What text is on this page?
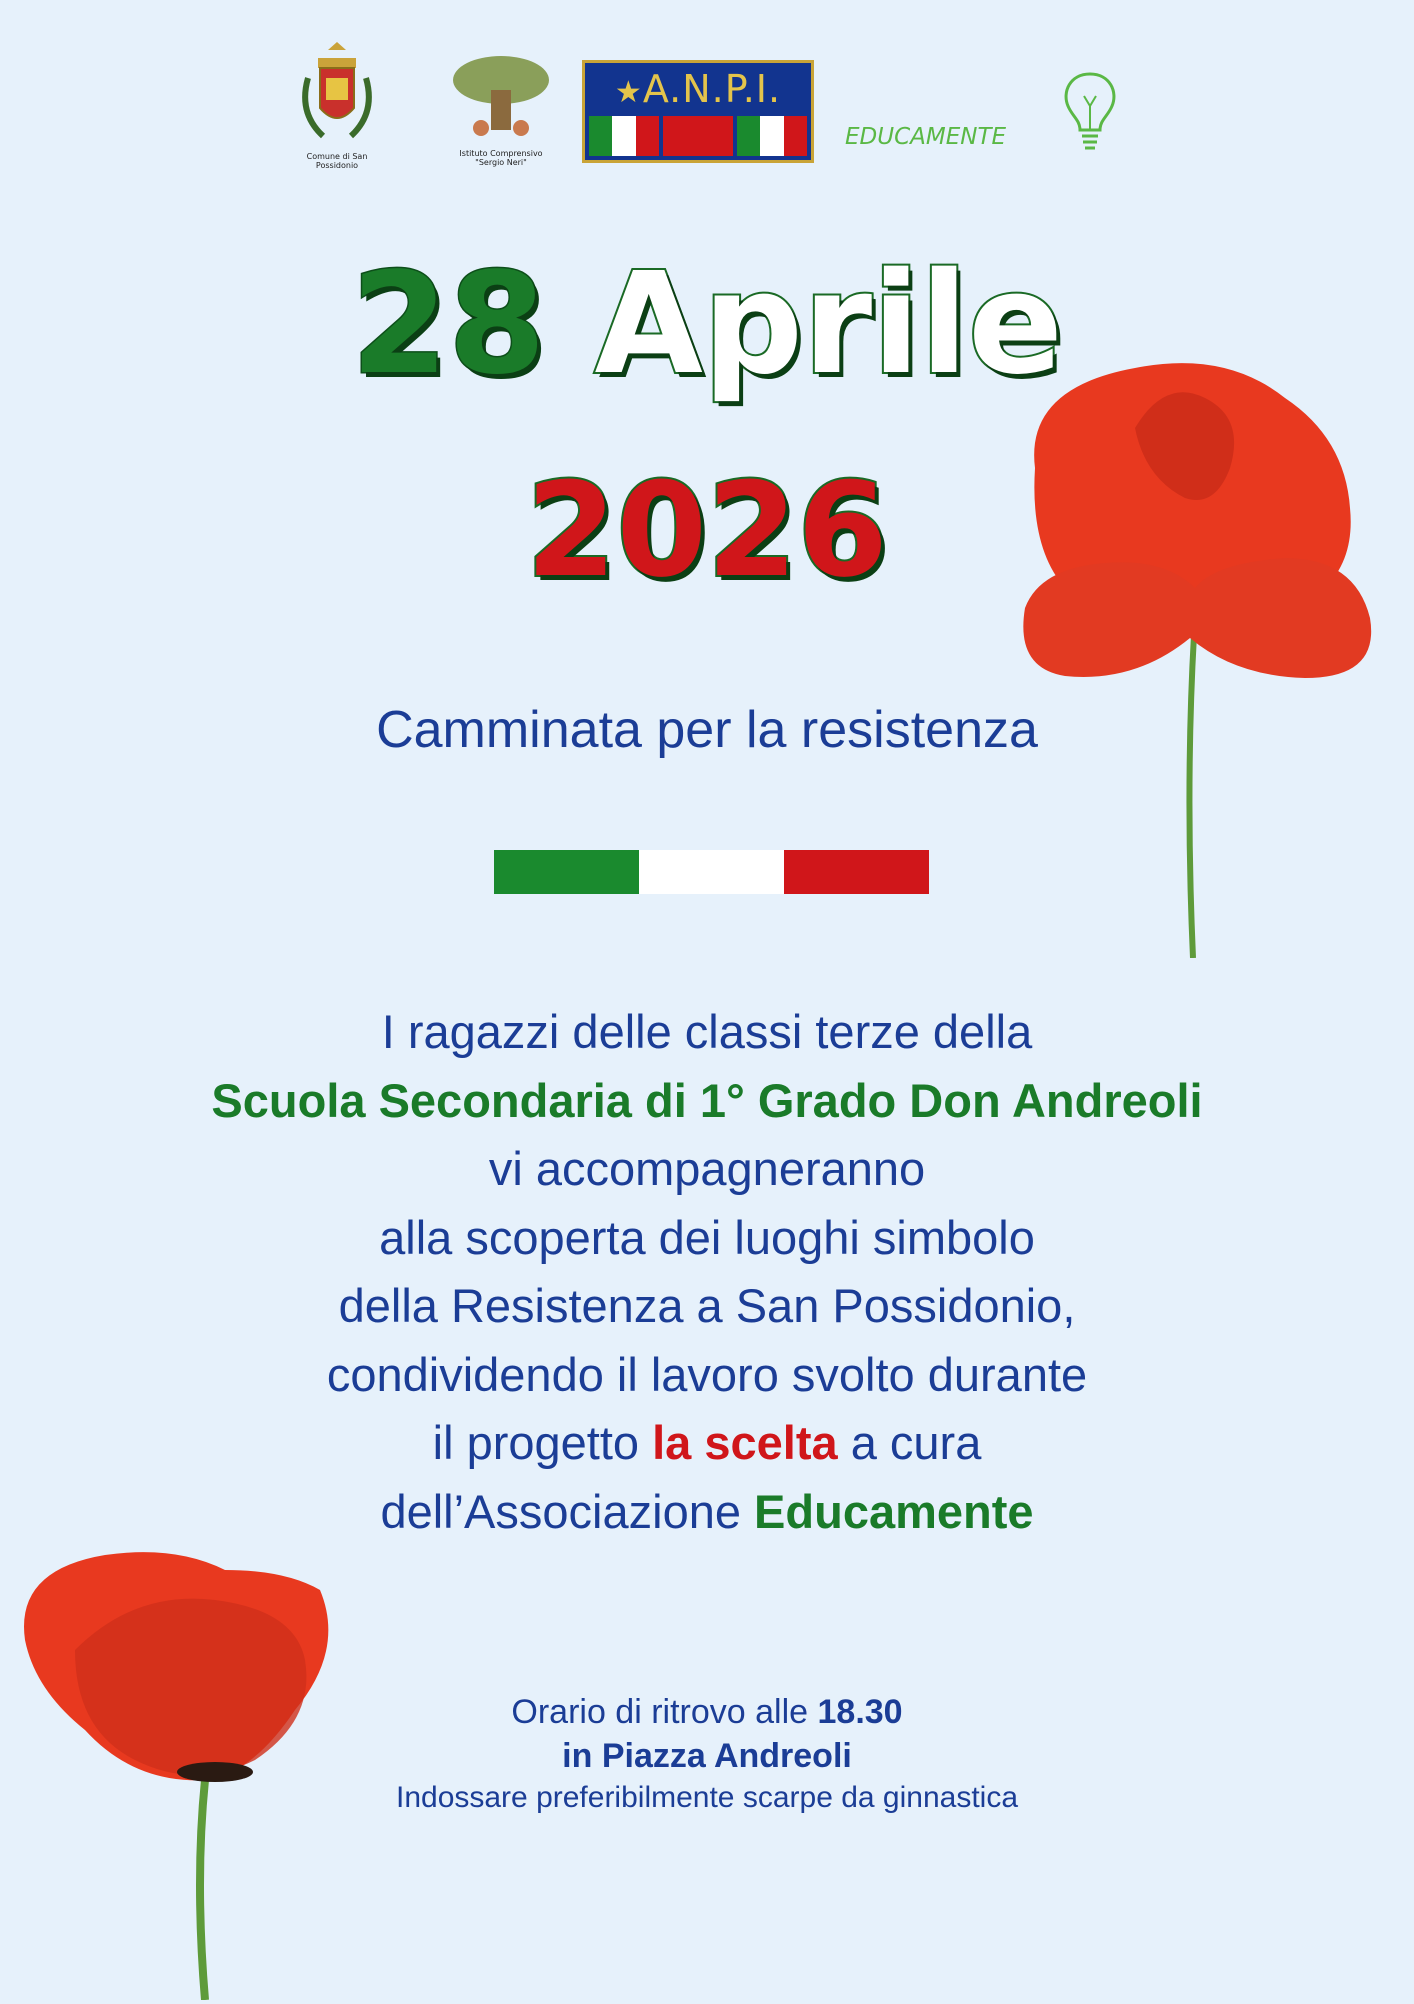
Comune di San Possidonio
Istituto Comprensivo
"Sergio Neri"
★A.N.P.I.
EDUCAMENTE
28 Aprile
2026
Camminata per la resistenza
I ragazzi delle classi terze della
Scuola Secondaria di 1° Grado Don Andreoli
vi accompagneranno
alla scoperta dei luoghi simbolo
della Resistenza a San Possidonio,
condividendo il lavoro svolto durante
il progetto la scelta a cura
dell’Associazione Educamente
Orario di ritrovo alle 18.30
in Piazza Andreoli
Indossare preferibilmente scarpe da ginnastica
